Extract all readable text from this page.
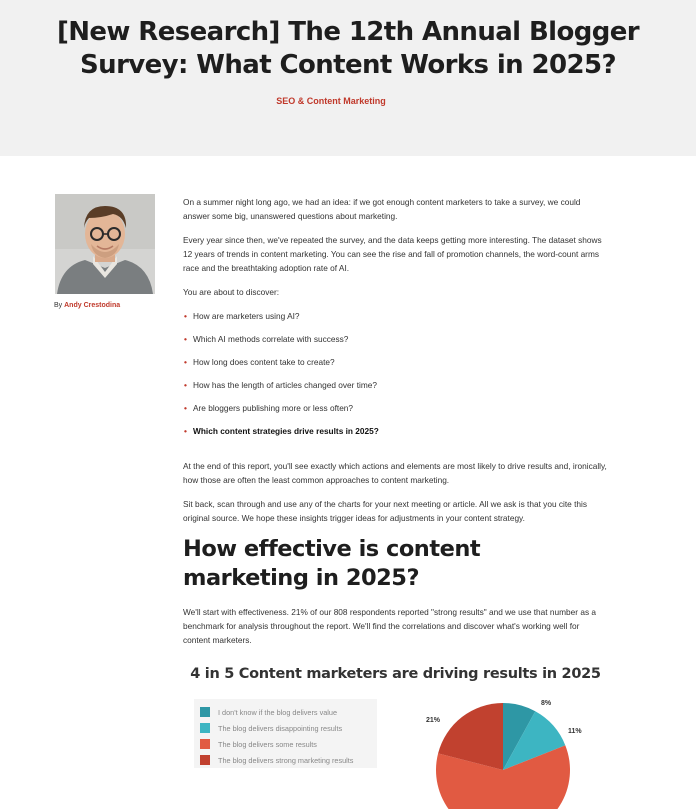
[New Research] The 12th Annual Blogger Survey: What Content Works in 2025?
SEO & Content Marketing
By Andy Crestodina

On a summer night long ago, we had an idea: if we got enough content marketers to take a survey, we could answer some big, unanswered questions about marketing.

Every year since then, we've repeated the survey, and the data keeps getting more interesting. The dataset shows 12 years of trends in content marketing. You can see the rise and fall of promotion channels, the word-count arms race and the breathtaking adoption rate of AI.

You are about to discover:

• How are marketers using AI?
• Which AI methods correlate with success?
• How long does content take to create?
• How has the length of articles changed over time?
• Are bloggers publishing more or less often?
• Which content strategies drive results in 2025?

At the end of this report, you'll see exactly which actions and elements are most likely to drive results and, ironically, how those are often the least common approaches to content marketing.

Sit back, scan through and use any of the charts for your next meeting or article. All we ask is that you cite this original source. We hope these insights trigger ideas for adjustments in your content strategy.

How effective is content marketing in 2025?

We'll start with effectiveness. 21% of our 808 respondents reported "strong results" and we use that number as a benchmark for analysis throughout the report. We'll find the correlations and discover what's working well for content marketers.

4 in 5 Content marketers are driving results in 2025
I don't know if the blog delivers value
The blog delivers disappointing results
The blog delivers some results
The blog delivers strong marketing results
8%
11%
21%
